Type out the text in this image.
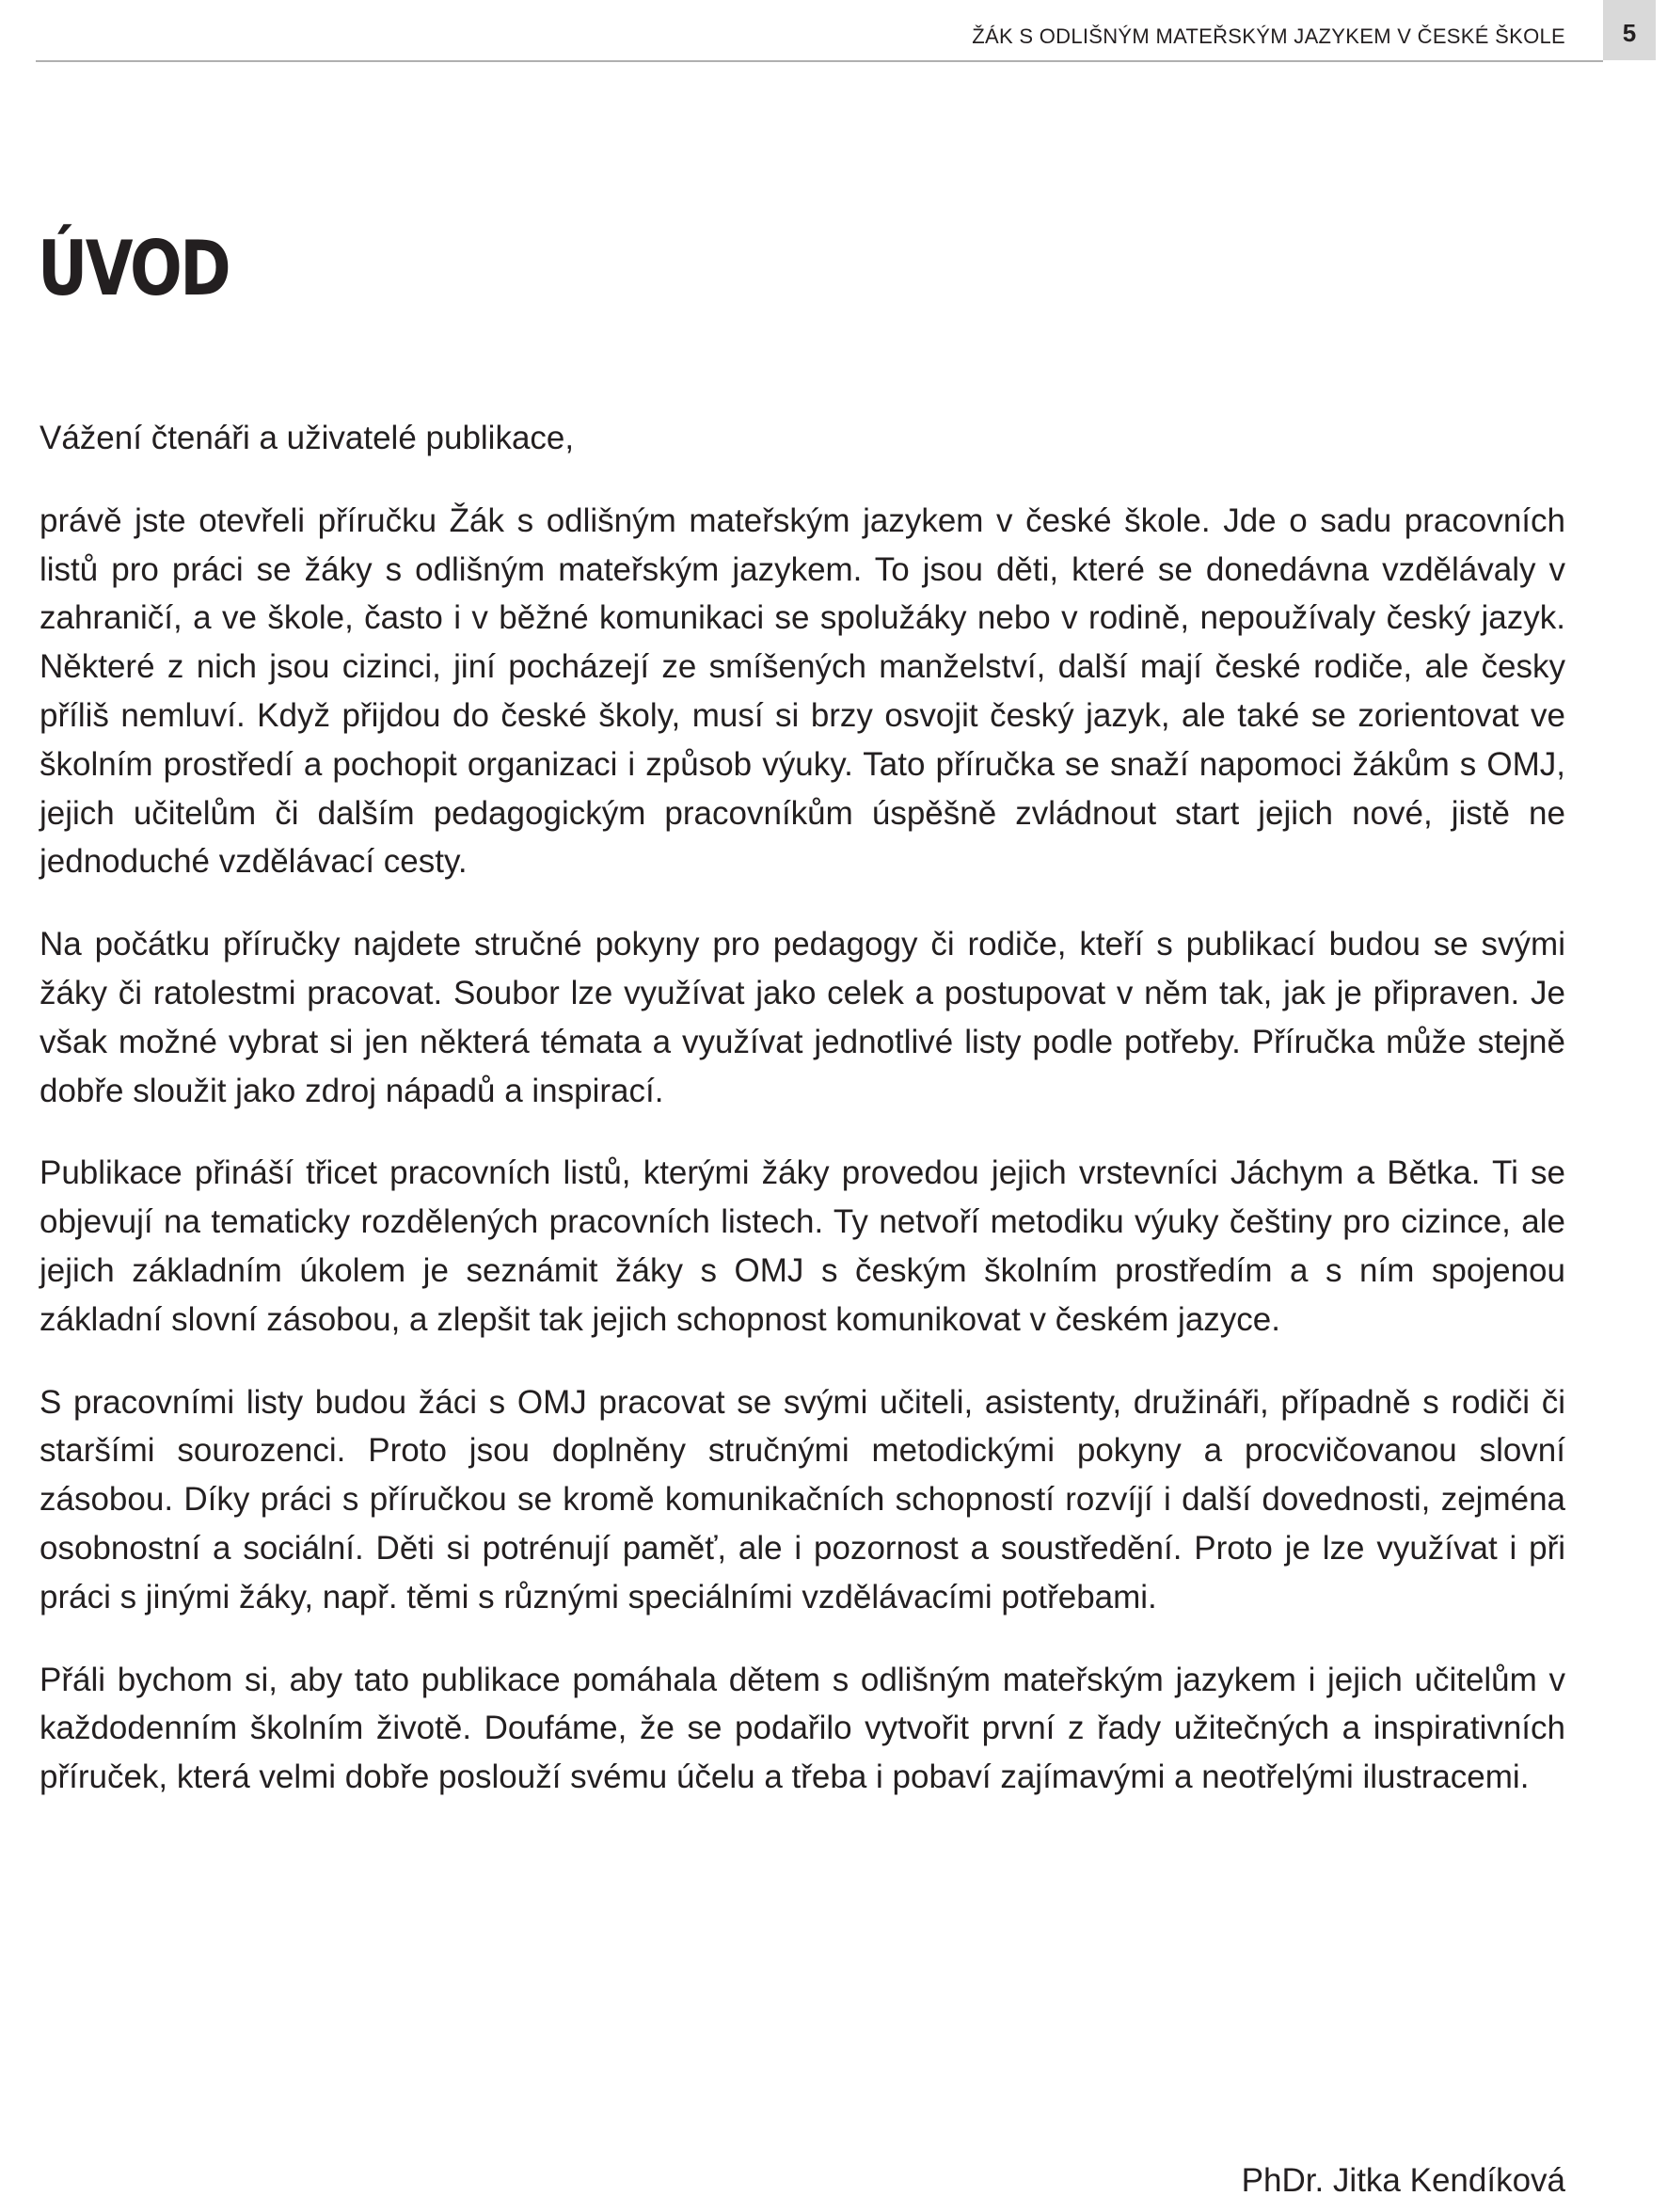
ŽÁK S ODLIŠNÝM MATEŘSKÝM JAZYKEM V ČESKÉ ŠKOLE	5
ÚVOD

Vážení čtenáři a uživatelé publikace,

právě jste otevřeli příručku Žák s odlišným mateřským jazykem v české škole. Jde o sadu pracovních listů pro práci se žáky s odlišným mateřským jazykem. To jsou děti, které se donedávna vzdělávaly v zahraničí, a ve škole, často i v běžné komunikaci se spolužáky nebo v rodině, nepoužívaly český jazyk. Některé z nich jsou cizinci, jiní pocházejí ze smíšených manželství, další mají české rodiče, ale česky příliš nemluví. Když přijdou do české školy, musí si brzy osvojit český jazyk, ale také se zorientovat ve školním prostředí a pochopit organizaci i způsob výuky. Tato příručka se snaží napomoci žákům s OMJ, jejich učitelům či dalším pedagogickým pracovníkům úspěšně zvládnout start jejich nové, jistě ne jednoduché vzdělávací cesty.

Na počátku příručky najdete stručné pokyny pro pedagogy či rodiče, kteří s publikací budou se svými žáky či ratolestmi pracovat. Soubor lze využívat jako celek a postupovat v něm tak, jak je připraven. Je však možné vybrat si jen některá témata a využívat jednotlivé listy podle potřeby. Příručka může stejně dobře sloužit jako zdroj nápadů a inspirací.

Publikace přináší třicet pracovních listů, kterými žáky provedou jejich vrstevníci Jáchym a Bětka. Ti se objevují na tematicky rozdělených pracovních listech. Ty netvoří metodiku výuky češtiny pro cizince, ale jejich základním úkolem je seznámit žáky s OMJ s českým školním prostředím a s ním spojenou základní slovní zásobou, a zlepšit tak jejich schopnost komunikovat v českém jazyce.

S pracovními listy budou žáci s OMJ pracovat se svými učiteli, asistenty, družináři, případně s rodiči či staršími sourozenci. Proto jsou doplněny stručnými metodickými pokyny a procvičovanou slovní zásobou. Díky práci s příručkou se kromě komunikačních schopností rozvíjí i další dovednosti, zejména osobnostní a sociální. Děti si potrénují paměť, ale i pozornost a soustředění. Proto je lze využívat i při práci s jinými žáky, např. těmi s různými speciálními vzdělávacími potřebami.

Přáli bychom si, aby tato publikace pomáhala dětem s odlišným mateřským jazykem i jejich učitelům v každodenním školním životě. Doufáme, že se podařilo vytvořit první z řady užitečných a inspirativních příruček, která velmi dobře poslouží svému účelu a třeba i pobaví zajímavými a neotřelými ilustracemi.

PhDr. Jitka Kendíková
